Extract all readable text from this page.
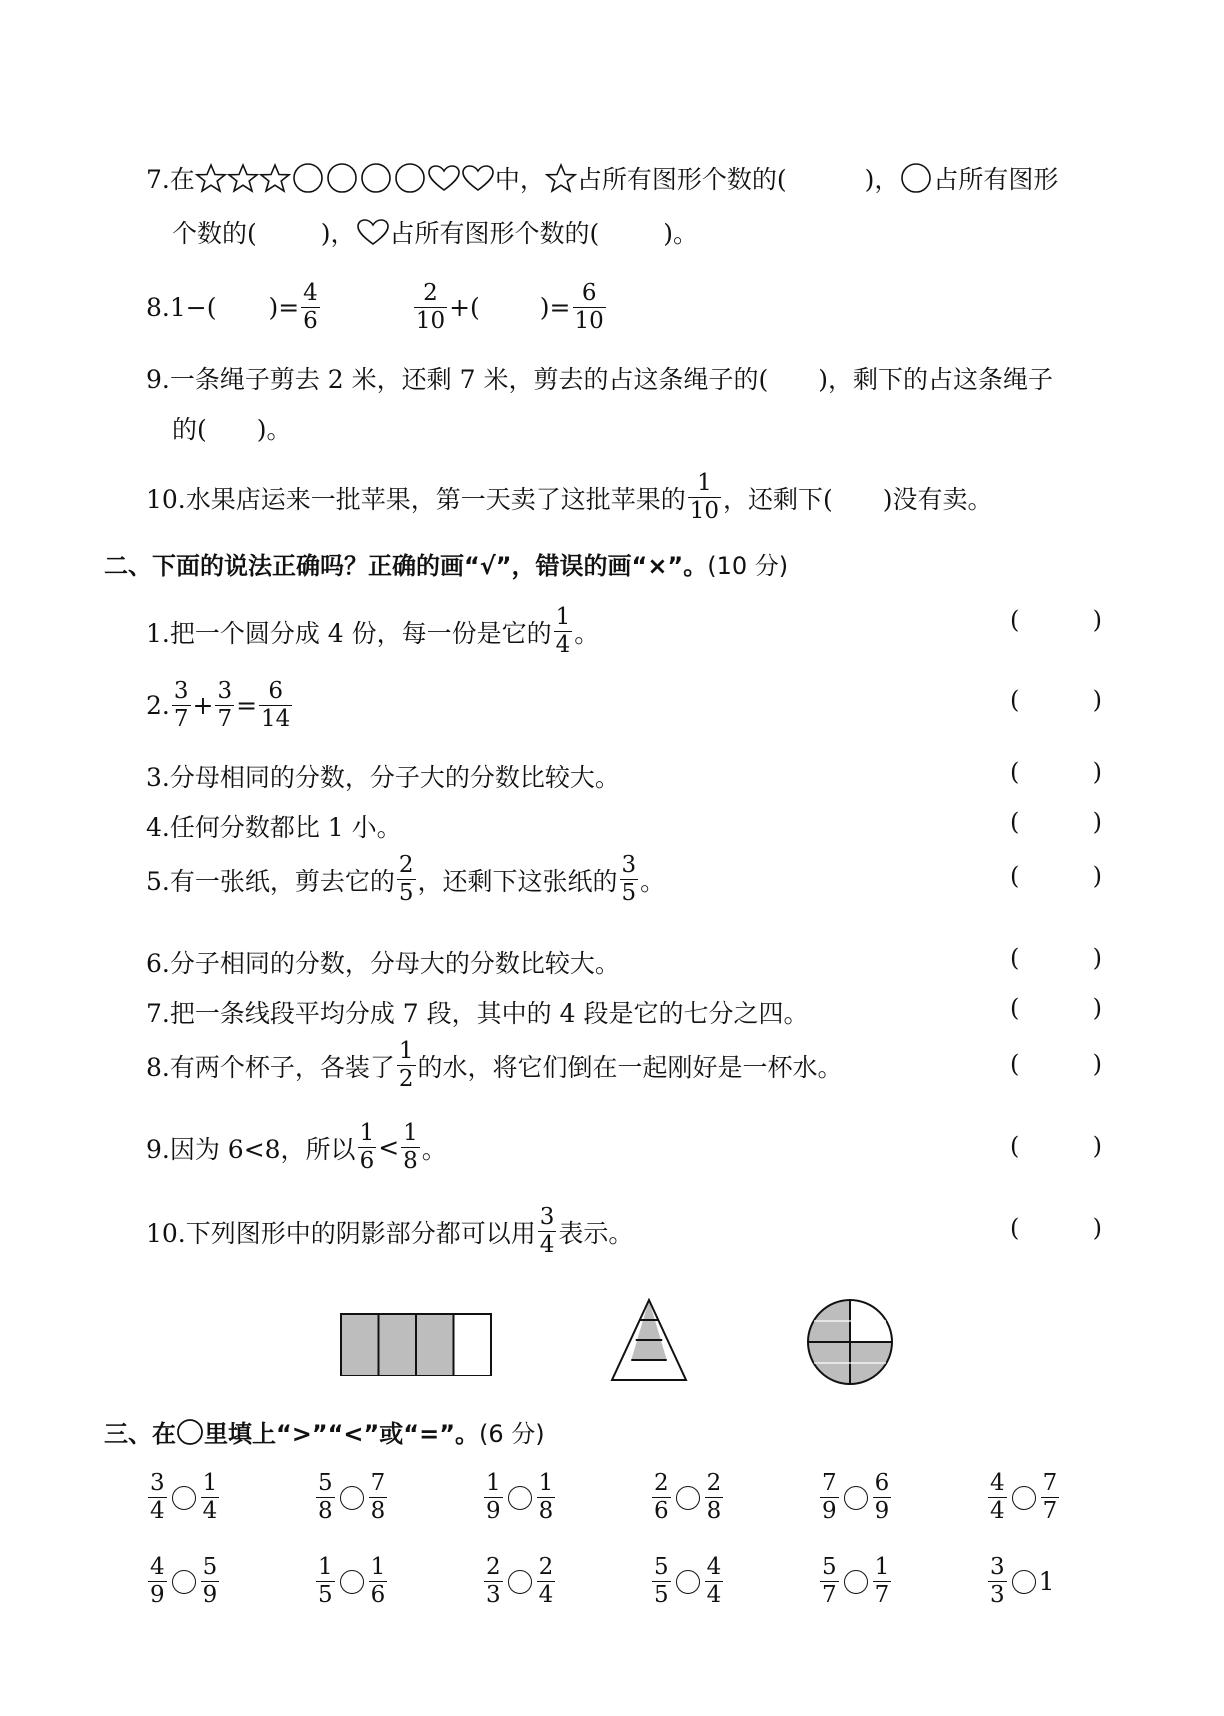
7.在	中， 占所有图形个数的(	)， 占所有图形
个数的(	)， 占所有图形个数的(	)。
8.1−( )= $\frac{4}{6}$	$\frac{2}{10}$ +( )= $\frac{6}{10}$
9.一条绳子剪去 2 米，还剩 7 米，剪去的占这条绳子的(　　)，剩下的占这条绳子
的(　　)。
10.水果店运来一批苹果，第一天卖了这批苹果的 $\frac{1}{10}$ ，还剩下(　　)没有卖。
二、下面的说法正确吗？正确的画“√”，错误的画“×”。(10 分)
1.把一个圆分成 4 份，每一份是它的 $\frac{1}{4}$ 。
2. $\frac{3}{7} + \frac{3}{7} = \frac{6}{14}$
3.分母相同的分数，分子大的分数比较大。
4.任何分数都比 1 小。
5.有一张纸，剪去它的 $\frac{2}{5}$ ，还剩下这张纸的 $\frac{3}{5}$ 。
6.分子相同的分数，分母大的分数比较大。
7.把一条线段平均分成 7 段，其中的 4 段是它的七分之四。
8.有两个杯子，各装了 $\frac{1}{2}$ 的水，将它们倒在一起刚好是一杯水。
9.因为 6<8，所以 $\frac{1}{6} < \frac{1}{8}$ 。
10.下列图形中的阴影部分都可以用 $\frac{3}{4}$ 表示。
(	)
(	)
(	)
(	)
(	)
(	)
(	)
(	)
(	)
(	)
三、在 里填上“>”“<”或“=”。 (6 分)
$\frac{3}{4} \frac{1}{4}$	$\frac{5}{8} \frac{7}{8}$	$\frac{1}{9} \frac{1}{8}$	$\frac{2}{6} \frac{2}{8}$	$\frac{7}{9} \frac{6}{9}$	$\frac{4}{4} \frac{7}{7}$
$\frac{4}{9} \frac{5}{9}$	$\frac{1}{5} \frac{1}{6}$	$\frac{2}{3} \frac{2}{4}$	$\frac{5}{5} \frac{4}{4}$	$\frac{5}{7} \frac{1}{7}$	$\frac{3}{3} 1$
